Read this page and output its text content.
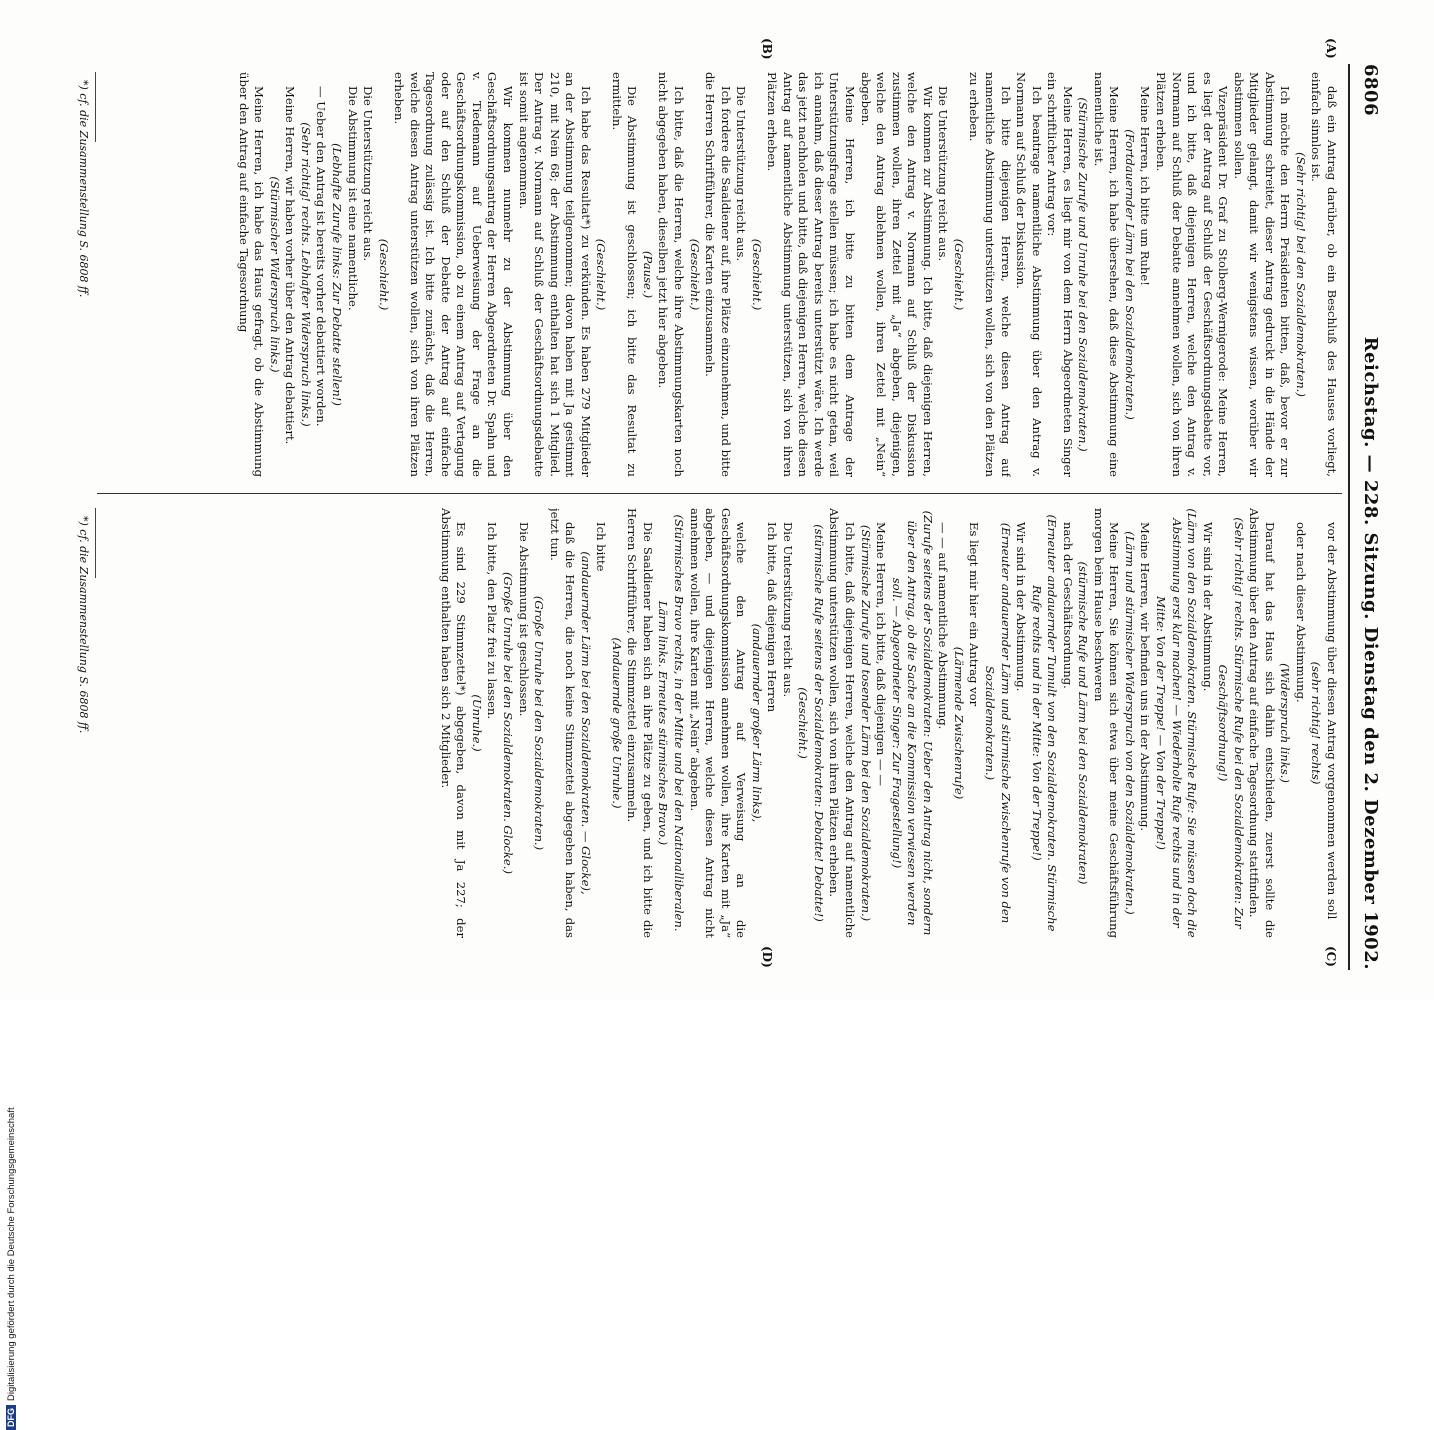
6806
Reichstag. — 228. Sitzung. Dienstag den 2. Dezember 1902.
(A)
(B)
(C)
(D)

daß ein Antrag darüber, ob ein Beschluß des Hauses vorliegt, einfach sinnlos ist.

(Sehr richtig! bei den Sozialdemokraten.)

Ich möchte den Herrn Präsidenten bitten, daß, bevor er zur Abstimmung schreitet, dieser Antrag gedruckt in die Hände der Mitglieder gelangt, damit wir wenigstens wissen, worüber wir abstimmen sollen.

Vizepräsident Dr. Graf zu Stolberg-Wernigerode: Meine Herren, es liegt der Antrag auf Schluß der Geschäftsordnungsdebatte vor, und ich bitte, daß diejenigen Herren, welche den Antrag v. Normann auf Schluß der Debatte annehmen wollen, sich von ihren Plätzen erheben.

Meine Herren, ich bitte um Ruhe!

(Fortdauernder Lärm bei den Sozialdemokraten.)

Meine Herren, ich habe übersehen, daß diese Abstimmung eine namentliche ist.

(Stürmische Zurufe und Unruhe bei den Sozialdemokraten.)

Meine Herren, es liegt mir von dem Herrn Abgeordneten Singer ein schriftlicher Antrag vor:

Ich beantrage namentliche Abstimmung über den Antrag v. Normann auf Schluß der Diskussion.

Ich bitte diejenigen Herren, welche diesen Antrag auf namentliche Abstimmung unterstützen wollen, sich von den Plätzen zu erheben.

(Geschieht.)

Die Unterstützung reicht aus.

Wir kommen zur Abstimmung. Ich bitte, daß diejenigen Herren, welche den Antrag v. Normann auf Schluß der Diskussion zustimmen wollen, ihren Zettel mit „Ja“ abgeben, diejenigen, welche den Antrag ablehnen wollen, ihren Zettel mit „Nein“ abgeben.

Meine Herren, ich bitte zu bitten dem Antrage der Unterstützungsfrage stellen müssen; ich habe es nicht getan, weil ich annahm, daß dieser Antrag bereits unterstützt wäre. Ich werde das jetzt nachholen und bitte, daß diejenigen Herren, welche diesen Antrag auf namentliche Abstimmung unterstützen, sich von ihren Plätzen erheben.

(Geschieht.)

Die Unterstützung reicht aus.

Ich fordere die Saaldiener auf, ihre Plätze einzunehmen, und bitte die Herren Schriftführer, die Karten einzusammeln.

(Geschieht.)

Ich bitte, daß die Herren, welche ihre Abstimmungskarten noch nicht abgegeben haben, dieselben jetzt hier abgeben.

(Pause.)

Die Abstimmung ist geschlossen; ich bitte das Resultat zu ermitteln.

(Geschieht.)

Ich habe das Resultat*) zu verkünden. Es haben 279 Mitglieder an der Abstimmung teilgenommen; davon haben mit Ja gestimmt 210, mit Nein 68; der Abstimmung enthalten hat sich 1 Mitglied. Der Antrag v. Normann auf Schluß der Geschäftsordnungsdebatte ist somit angenommen.

Wir kommen nunmehr zu der Abstimmung über den Geschäftsordnungsantrag der Herren Abgeordneten Dr. Spahn und v. Tiedemann auf Ueberweisung der Frage an die Geschäftsordnungskommission, ob zu einem Antrag auf Vertagung oder auf den Schluß der Debatte der Antrag auf einfache Tagesordnung zulässig ist. Ich bitte zunächst, daß die Herren, welche diesen Antrag unterstützen wollen, sich von ihren Plätzen erheben.

(Geschieht.)

Die Unterstützung reicht aus.

Die Abstimmung ist eine namentliche.

(Lebhafte Zurufe links: Zur Debatte stellen!)

— Ueber den Antrag ist bereits vorher debattiert worden.

(Sehr richtig! rechts. Lebhafter Widerspruch links.)

Meine Herren, wir haben vorher über den Antrag debattiert.

(Stürmischer Widerspruch links.)

Meine Herren, ich habe das Haus gefragt, ob die Abstimmung über den Antrag auf einfache Tagesordnung

vor der Abstimmung über diesen Antrag vorgenommen werden soll

(sehr richtig! rechts)

oder nach dieser Abstimmung.

(Widerspruch links.)

Darauf hat das Haus sich dahin entschieden, zuerst sollte die Abstimmung über den Antrag auf einfache Tagesordnung stattfinden.

(Sehr richtig! rechts. Stürmische Rufe bei den Sozialdemokraten: Zur Geschäftsordnung!)

Wir sind in der Abstimmung.

(Lärm von den Sozialdemokraten. Stürmische Rufe: Sie müssen doch die Abstimmung erst klar machen! — Wiederholte Rufe rechts und in der Mitte: Von der Treppe! — Von der Treppe!)

Meine Herren, wir befinden uns in der Abstimmung.

(Lärm und stürmischer Widerspruch von den Sozialdemokraten.)

Meine Herren, Sie können sich etwa über meine Geschäftsführung morgen beim Hause beschweren

(stürmische Rufe und Lärm bei den Sozialdemokraten)

nach der Geschäftsordnung.

(Erneuter andauernder Tumult von den Sozialdemokraten. Stürmische Rufe rechts und in der Mitte: Von der Treppe!)

Wir sind in der Abstimmung.

(Erneuter andauernder Lärm und stürmische Zwischenrufe von den Sozialdemokraten.)

Es liegt mir hier ein Antrag vor

(Lärmende Zwischenrufe)

— — auf namentliche Abstimmung.

(Zurufe seitens der Sozialdemokraten: Ueber den Antrag nicht, sondern über den Antrag, ob die Sache an die Kommission verwiesen werden soll. — Abgeordneter Singer: Zur Fragestellung!)

Meine Herren, ich bitte, daß diejenigen — —

(Stürmische Zurufe und tosender Lärm bei den Sozialdemokraten.)

Ich bitte, daß diejenigen Herren, welche den Antrag auf namentliche Abstimmung unterstützen wollen, sich von ihren Plätzen erheben.

(stürmische Rufe seitens der Sozialdemokraten: Debatte! Debatte!)

(Geschieht.)

Die Unterstützung reicht aus.

Ich bitte, daß diejenigen Herren

(andauernder großer Lärm links),

welche den Antrag auf Verweisung an die Geschäftsordnungskommission annehmen wollen, ihre Karten mit „Ja“ abgeben, — und diejenigen Herren, welche diesen Antrag nicht annehmen wollen, ihre Karten mit „Nein“ abgeben.

(Stürmisches Bravo rechts, in der Mitte und bei den Nationalliberalen. Lärm links. Erneutes stürmisches Bravo.)

Die Saaldiener haben sich an ihre Plätze zu geben, und ich bitte die Herren Schriftführer, die Stimmzettel einzusammeln.

(Andauernde große Unruhe.)

Ich bitte

(andauernder Lärm bei den Sozialdemokraten. — Glocke),

daß die Herren, die noch keine Stimmzettel abgegeben haben, das jetzt tun.

(Große Unruhe bei den Sozialdemokraten.)

Die Abstimmung ist geschlossen.

(Große Unruhe bei den Sozialdemokraten. Glocke.)

Ich bitte, den Platz frei zu lassen.

(Unruhe.)

Es sind 229 Stimmzettel*) abgegeben, davon mit Ja 227; der Abstimmung enthalten haben sich 2 Mitglieder.

*) cf. die Zusammenstellung S. 6808 ff.
*) cf. die Zusammenstellung S. 6808 ff.
DFGDigitalisierung gefördert durch die Deutsche Forschungsgemeinschaft
